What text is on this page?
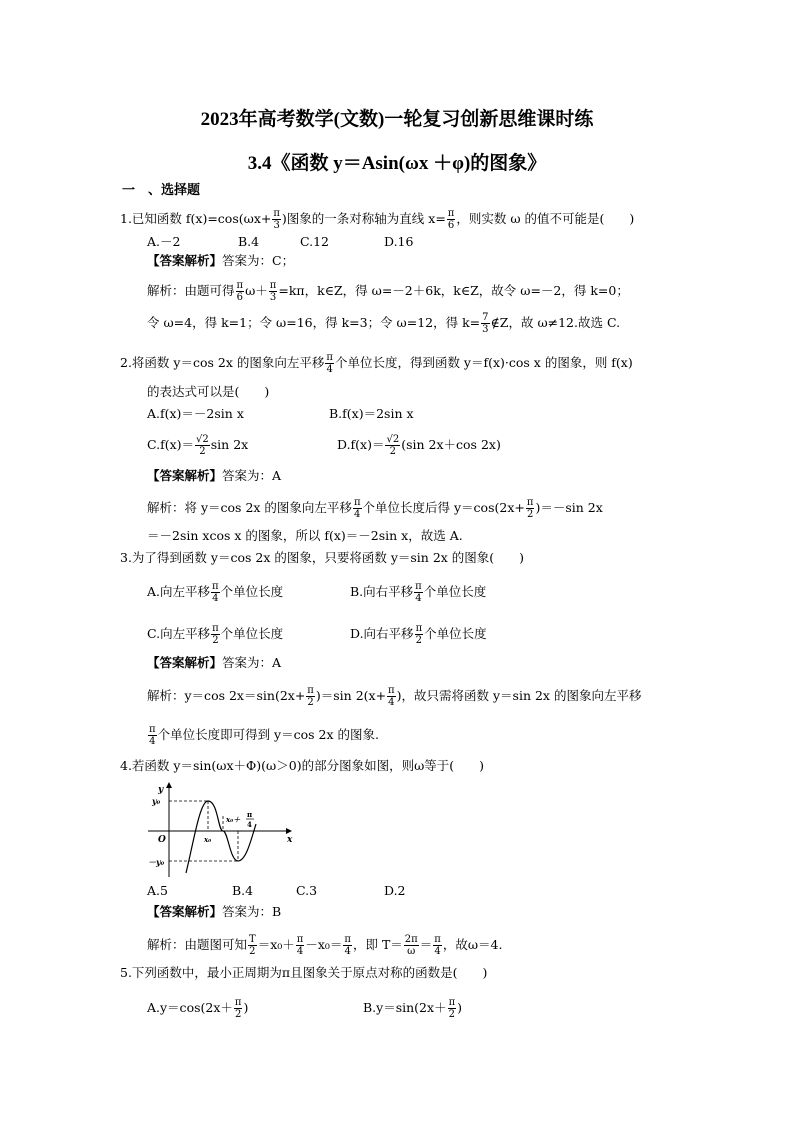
2023年高考数学(文数)一轮复习创新思维课时练
3.4《函数 y＝Asin(ωx ＋φ)的图象》
一　、选择题
1.已知函数 $f(x)=\cos(\omega x+ \frac{\pi}{3}$ )图象的一条对称轴为直线 $x= \frac{\pi}{6}$ ，则实数 ω 的值不可能是(　　)
A.－2	B.4	C.12	D.16
【答案解析】答案为：C；
解析：由题可得 $\frac{\pi}{6} \omega+ \frac{\pi}{3} =k\pi$，k∈Z，得 ω=－2＋6k，k∈Z，故令 ω=－2，得 k=0；
令 ω=4，得 k=1；令 ω=16，得 k=3；令 ω=12，得 $k= \frac{7}{3}$ ∉Z，故 ω≠12.故选 C.
2.将函数 y＝cos 2x 的图象向左平移 $\frac{\pi}{4}$ 个单位长度，得到函数 y＝f(x)·cos x 的图象，则 f(x)
的表达式可以是(　　)
A.f(x)＝－2sin x	B.f(x)＝2sin x
$C.f(x)= \frac{√2}{2}$ sin 2x	$D.f(x)= \frac{√2}{2} (\sin$ 2x＋cos 2x)
【答案解析】答案为：A
解析：将 y＝cos 2x 的图象向左平移 $\frac{\pi}{4}$ 个单位长度后得 $y=\cos(2x+ \frac{\pi}{2} )=-\sin$ 2x
＝－2sin xcos x 的图象，所以 f(x)＝－2sin x，故选 A.
3.为了得到函数 y＝cos 2x 的图象，只要将函数 y＝sin 2x 的图象(　　)
A.向左平移 $\frac{\pi}{4}$ 个单位长度	B.向右平移 $\frac{\pi}{4}$ 个单位长度
C.向左平移 $\frac{\pi}{2}$ 个单位长度	D.向右平移 $\frac{\pi}{2}$ 个单位长度
【答案解析】答案为：A
解析：y＝cos $2x=\sin(2x+ \frac{\pi}{2} )=\sin$ $2(x+ \frac{\pi}{4}$ )，故只需将函数 y＝sin 2x 的图象向左平移
$\frac{\pi}{4}$ 个单位长度即可得到 y＝cos 2x 的图象.
4.若函数 y＝sin(ωx＋Φ)(ω＞0)的部分图象如图，则ω等于(　　)
y
x
O
y₀
－y₀
x₀
x₀＋
π
4
A.5	B.4	C.3	D.2
【答案解析】答案为：B
解析：由题图可知 $\frac{T}{2} =x_0+ \frac{\pi}{4} -x_0= \frac{\pi}{4}$ ，即 $T= \frac{2\pi}{\omega} = \frac{\pi}{4}$ ，故ω＝4.
5.下列函数中，最小正周期为π且图象关于原点对称的函数是(　　)
$A.y=\cos(2x+ \frac{\pi}{2}$ )	$B.y=\sin(2x+ \frac{\pi}{2}$ )
